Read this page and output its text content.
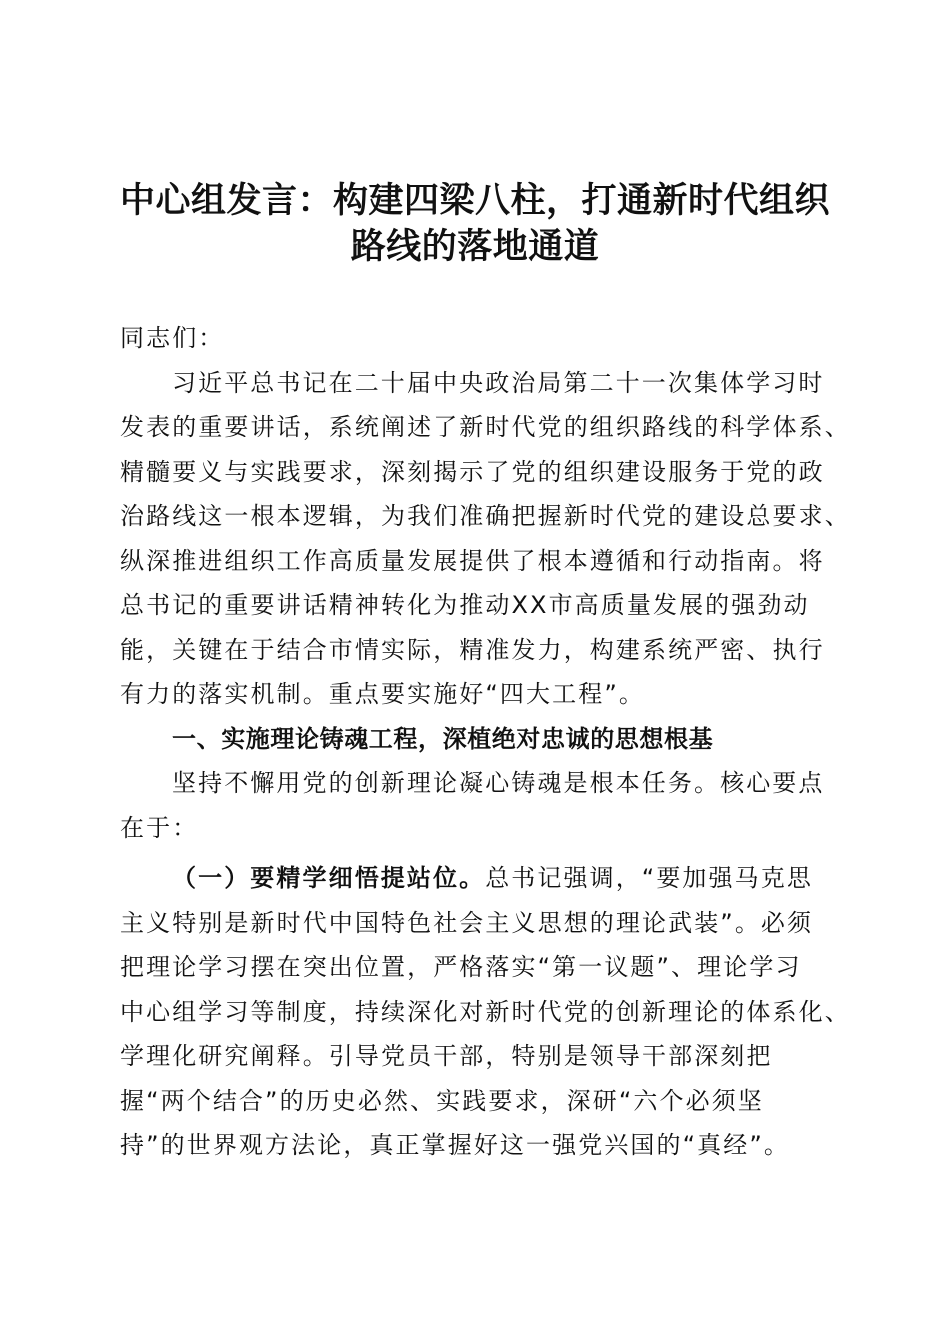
中心组发言：构建四梁八柱，打通新时代组织
路线的落地通道
同志们：
习近平总书记在二十届中央政治局第二十一次集体学习时
发表的重要讲话，系统阐述了新时代党的组织路线的科学体系、
精髓要义与实践要求，深刻揭示了党的组织建设服务于党的政
治路线这一根本逻辑，为我们准确把握新时代党的建设总要求、
纵深推进组织工作高质量发展提供了根本遵循和行动指南。将
总书记的重要讲话精神转化为推动XX市高质量发展的强劲动
能，关键在于结合市情实际，精准发力，构建系统严密、执行
有力的落实机制。重点要实施好“四大工程”。
一、实施理论铸魂工程，深植绝对忠诚的思想根基
坚持不懈用党的创新理论凝心铸魂是根本任务。核心要点
在于：
（一）要精学细悟提站位。总书记强调，“要加强马克思
主义特别是新时代中国特色社会主义思想的理论武装”。必须
把理论学习摆在突出位置，严格落实“第一议题”、理论学习
中心组学习等制度，持续深化对新时代党的创新理论的体系化、
学理化研究阐释。引导党员干部，特别是领导干部深刻把
握“两个结合”的历史必然、实践要求，深研“六个必须坚
持”的世界观方法论，真正掌握好这一强党兴国的“真经”。
